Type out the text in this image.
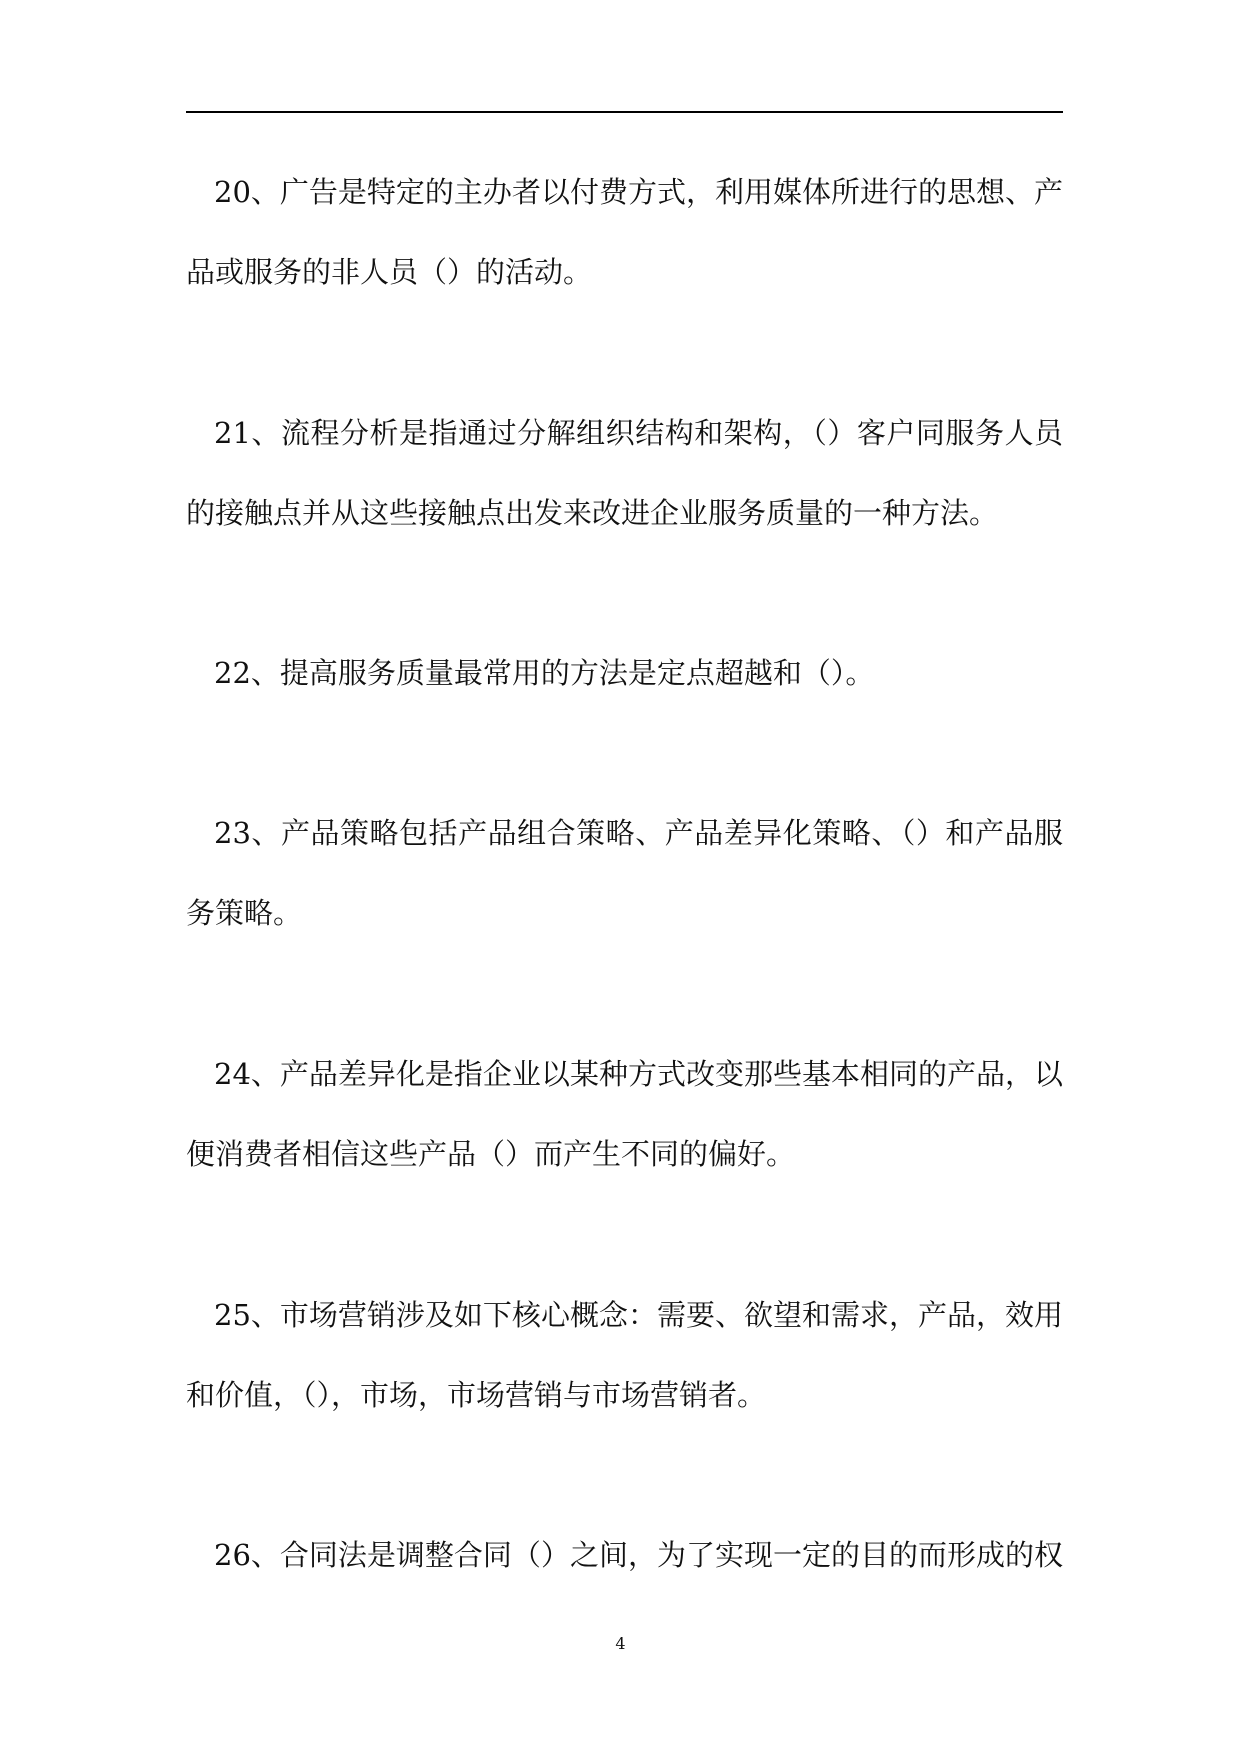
20、广告是特定的主办者以付费方式，利用媒体所进行的思想、产
品或服务的非人员（）的活动。
21、流程分析是指通过分解组织结构和架构，（）客户同服务人员
的接触点并从这些接触点出发来改进企业服务质量的一种方法。
22、提高服务质量最常用的方法是定点超越和（）。
23、产品策略包括产品组合策略、产品差异化策略、（）和产品服
务策略。
24、产品差异化是指企业以某种方式改变那些基本相同的产品，以
便消费者相信这些产品（）而产生不同的偏好。
25、市场营销涉及如下核心概念：需要、欲望和需求，产品，效用
和价值，（），市场，市场营销与市场营销者。
26、合同法是调整合同（）之间，为了实现一定的目的而形成的权
4
